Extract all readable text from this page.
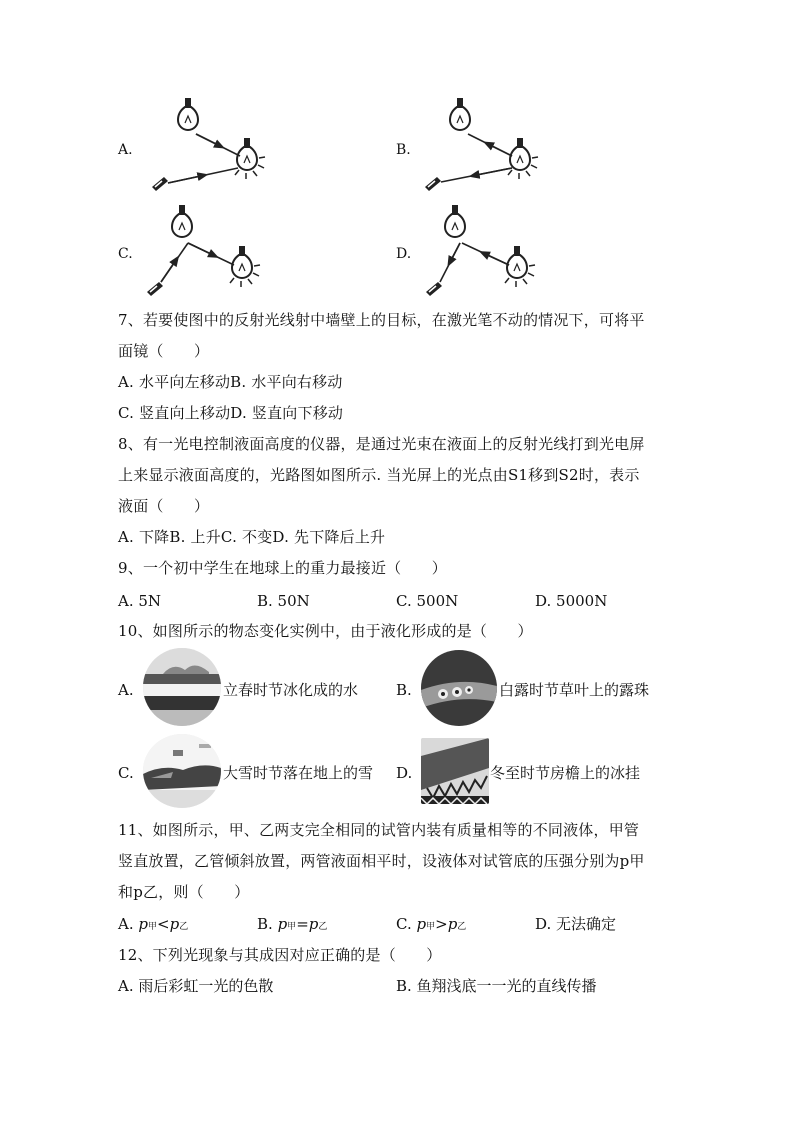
A.	B.
C.	D.
7、若要使图中的反射光线射中墙壁上的目标，在激光笔不动的情况下，可将平
面镜（　　）
A. 水平向左移动B. 水平向右移动
C. 竖直向上移动D. 竖直向下移动
8、有一光电控制液面高度的仪器，是通过光束在液面上的反射光线打到光电屏
上来显示液面高度的，光路图如图所示. 当光屏上的光点由S1移到S2时，表示
液面（　　）
A. 下降B. 上升C. 不变D. 先下降后上升
9、一个初中学生在地球上的重力最接近（　　）
A. 5N	B. 50N	C. 500N	D. 5000N
10、如图所示的物态变化实例中，由于液化形成的是（　　）
A.	立春时节冰化成的水	B.	白露时节草叶上的露珠
C.	大雪时节落在地上的雪 D.	冬至时节房檐上的冰挂
11、如图所示，甲、乙两支完全相同的试管内装有质量相等的不同液体，甲管
竖直放置，乙管倾斜放置，两管液面相平时，设液体对试管底的压强分别为p甲
和p乙，则（　　）
A. p甲<p乙	B. p甲=p乙	C. p甲>p乙	D. 无法确定
12、下列光现象与其成因对应正确的是（　　）
A. 雨后彩虹一光的色散	B. 鱼翔浅底一一光的直线传播
